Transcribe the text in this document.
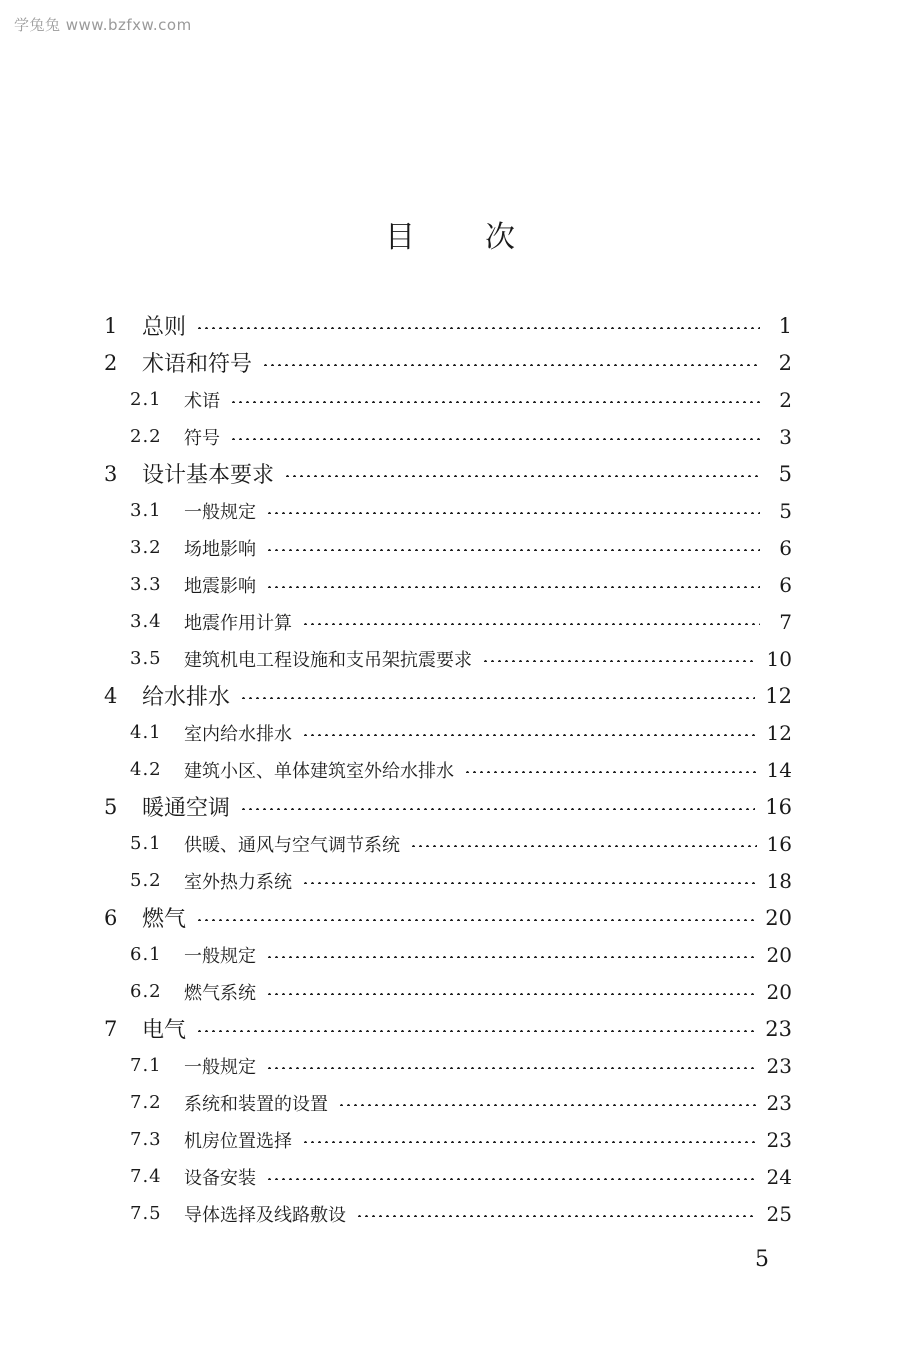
学兔兔 www.bzfxw.com
目 次
1	总则	1
2	术语和符号	2
2.1	术语	2
2.2	符号	3
3	设计基本要求	5
3.1	一般规定	5
3.2	场地影响	6
3.3	地震影响	6
3.4	地震作用计算	7
3.5	建筑机电工程设施和支吊架抗震要求	10
4	给水排水	12
4.1	室内给水排水	12
4.2	建筑小区、单体建筑室外给水排水	14
5	暖通空调	16
5.1	供暖、通风与空气调节系统	16
5.2	室外热力系统	18
6	燃气	20
6.1	一般规定	20
6.2	燃气系统	20
7	电气	23
7.1	一般规定	23
7.2	系统和装置的设置	23
7.3	机房位置选择	23
7.4	设备安装	24
7.5	导体选择及线路敷设	25
5
